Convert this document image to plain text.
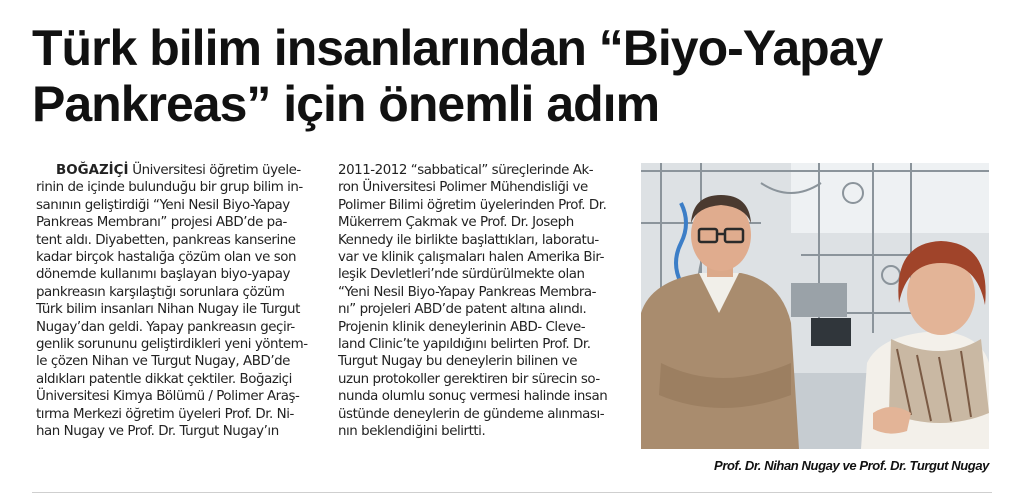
Türk bilim insanlarından “Biyo-Yapay
Pankreas” için önemli adım
BOĞAZİÇİ Üniversitesi öğretim üyele-
rinin de içinde bulunduğu bir grup bilim in-
sanının geliştirdiği “Yeni Nesil Biyo-Yapay
Pankreas Membranı” projesi ABD’de pa-
tent aldı. Diyabetten, pankreas kanserine
kadar birçok hastalığa çözüm olan ve son
dönemde kullanımı başlayan biyo-yapay
pankreasın karşılaştığı sorunlara çözüm
Türk bilim insanları Nihan Nugay ile Turgut
Nugay’dan geldi. Yapay pankreasın geçir-
genlik sorununu geliştirdikleri yeni yöntem-
le çözen Nihan ve Turgut Nugay, ABD’de
aldıkları patentle dikkat çektiler. Boğaziçi
Üniversitesi Kimya Bölümü / Polimer Araş-
tırma Merkezi öğretim üyeleri Prof. Dr. Ni-
han Nugay ve Prof. Dr. Turgut Nugay’ın
2011-2012 “sabbatical” süreçlerinde Ak-
ron Üniversitesi Polimer Mühendisliği ve
Polimer Bilimi öğretim üyelerinden Prof. Dr.
Mükerrem Çakmak ve Prof. Dr. Joseph
Kennedy ile birlikte başlattıkları, laboratu-
var ve klinik çalışmaları halen Amerika Bir-
leşik Devletleri’nde sürdürülmekte olan
“Yeni Nesil Biyo-Yapay Pankreas Membra-
nı” projeleri ABD’de patent altına alındı.
Projenin klinik deneylerinin ABD- Cleve-
land Clinic’te yapıldığını belirten Prof. Dr.
Turgut Nugay bu deneylerin bilinen ve
uzun protokoller gerektiren bir sürecin so-
nunda olumlu sonuç vermesi halinde insan
üstünde deneylerin de gündeme alınması-
nın beklendiğini belirtti.
Prof. Dr. Nihan Nugay ve Prof. Dr. Turgut Nugay
